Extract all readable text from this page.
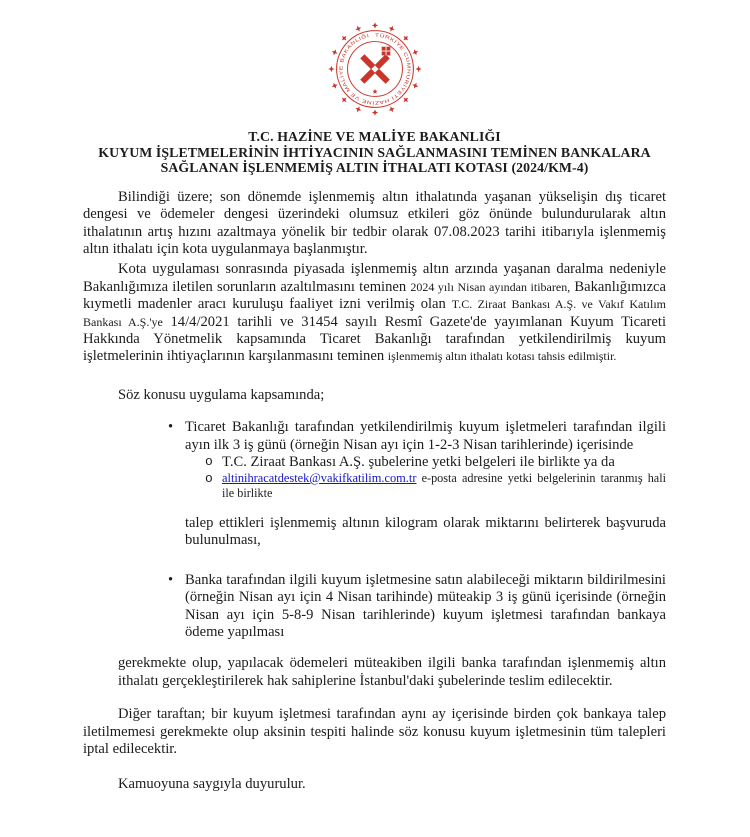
TÜRKİYE CUMHURİYETİ HAZİNE VE MALİYE BAKANLIĞI
T.C. HAZİNE VE MALİYE BAKANLIĞI
KUYUM İŞLETMELERİNİN İHTİYACININ SAĞLANMASINI TEMİNEN BANKALARA
SAĞLANAN İŞLENMEMİŞ ALTIN İTHALATI KOTASI (2024/KM-4)

Bilindiği üzere; son dönemde işlenmemiş altın ithalatında yaşanan yükselişin dış ticaret dengesi ve ödemeler dengesi üzerindeki olumsuz etkileri göz önünde bulundurularak altın ithalatının artış hızını azaltmaya yönelik bir tedbir olarak 07.08.2023 tarihi itibarıyla işlenmemiş altın ithalatı için kota uygulanmaya başlanmıştır.

Kota uygulaması sonrasında piyasada işlenmemiş altın arzında yaşanan daralma nedeniyle Bakanlığımıza iletilen sorunların azaltılmasını teminen 2024 yılı Nisan ayından itibaren, Bakanlığımızca kıymetli madenler aracı kuruluşu faaliyet izni verilmiş olan T.C. Ziraat Bankası A.Ş. ve Vakıf Katılım Bankası A.Ş.'ye 14/4/2021 tarihli ve 31454 sayılı Resmî Gazete'de yayımlanan Kuyum Ticareti Hakkında Yönetmelik kapsamında Ticaret Bakanlığı tarafından yetkilendirilmiş kuyum işletmelerinin ihtiyaçlarının karşılanmasını teminen işlenmemiş altın ithalatı kotası tahsis edilmiştir.

Söz konusu uygulama kapsamında;

• Ticaret Bakanlığı tarafından yetkilendirilmiş kuyum işletmeleri tarafından ilgili ayın ilk 3 iş günü (örneğin Nisan ayı için 1-2-3 Nisan tarihlerinde) içerisinde
o T.C. Ziraat Bankası A.Ş. şubelerine yetki belgeleri ile birlikte ya da
o altinihracatdestek@vakifkatilim.com.tr e-posta adresine yetki belgelerinin taranmış hali ile birlikte

talep ettikleri işlenmemiş altının kilogram olarak miktarını belirterek başvuruda bulunulması,

• Banka tarafından ilgili kuyum işletmesine satın alabileceği miktarın bildirilmesini (örneğin Nisan ayı için 4 Nisan tarihinde) müteakip 3 iş günü içerisinde (örneğin Nisan ayı için 5-8-9 Nisan tarihlerinde) kuyum işletmesi tarafından bankaya ödeme yapılması

gerekmekte olup, yapılacak ödemeleri müteakiben ilgili banka tarafından işlenmemiş altın ithalatı gerçekleştirilerek hak sahiplerine İstanbul'daki şubelerinde teslim edilecektir.

Diğer taraftan; bir kuyum işletmesi tarafından aynı ay içerisinde birden çok bankaya talep iletilmemesi gerekmekte olup aksinin tespiti halinde söz konusu kuyum işletmesinin tüm talepleri iptal edilecektir.

Kamuoyuna saygıyla duyurulur.
